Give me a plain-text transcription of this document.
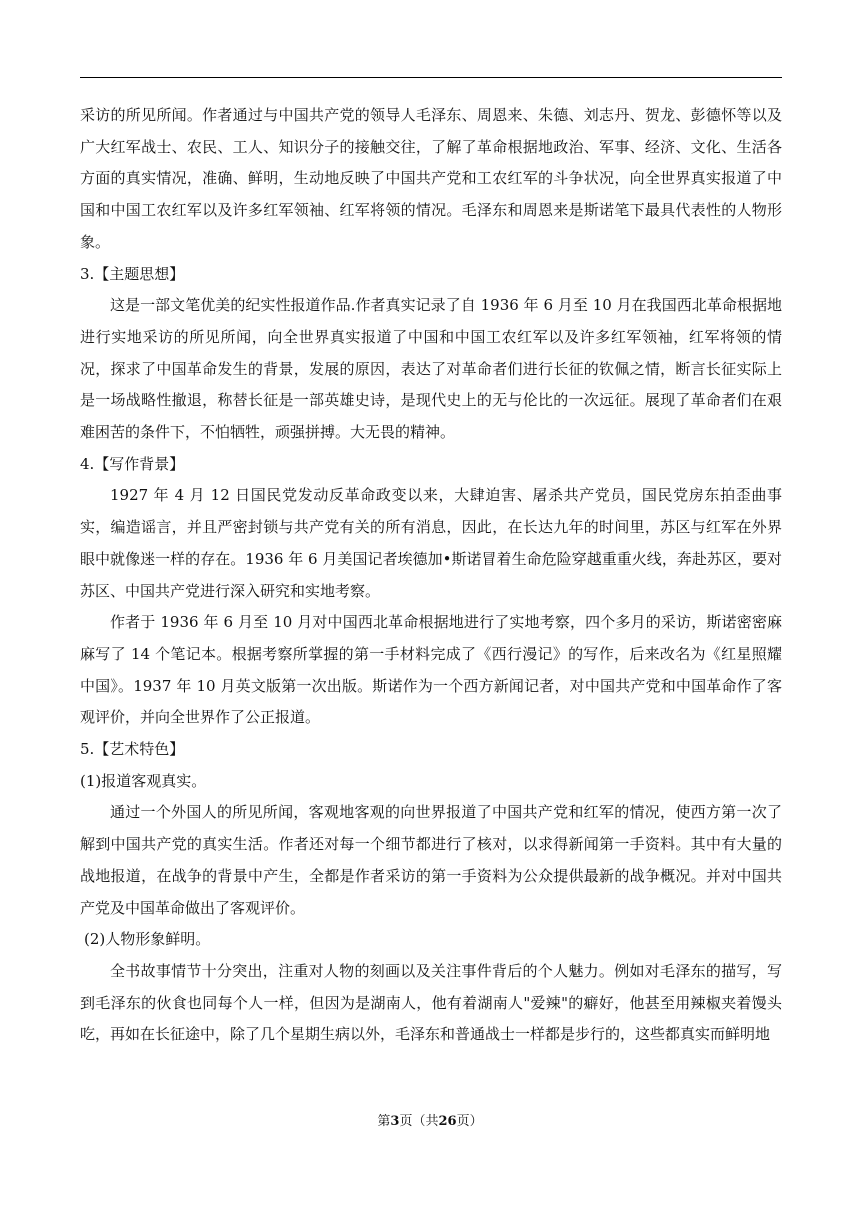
采访的所见所闻。作者通过与中国共产党的领导人毛泽东、周恩来、朱德、刘志丹、贺龙、彭德怀等以及广大红军战士、农民、工人、知识分子的接触交往，了解了革命根据地政治、军事、经济、文化、生活各方面的真实情况，准确、鲜明，生动地反映了中国共产党和工农红军的斗争状况，向全世界真实报道了中国和中国工农红军以及许多红军领袖、红军将领的情况。毛泽东和周恩来是斯诺笔下最具代表性的人物形象。

3.【主题思想】

这是一部文笔优美的纪实性报道作品.作者真实记录了自 1936 年 6 月至 10 月在我国西北革命根据地进行实地采访的所见所闻，向全世界真实报道了中国和中国工农红军以及许多红军领袖，红军将领的情况，探求了中国革命发生的背景，发展的原因，表达了对革命者们进行长征的钦佩之情，断言长征实际上是一场战略性撤退，称替长征是一部英雄史诗，是现代史上的无与伦比的一次远征。展现了革命者们在艰难困苦的条件下，不怕牺牲，顽强拼搏。大无畏的精神。

4.【写作背景】

1927 年 4 月 12 日国民党发动反革命政变以来，大肆迫害、屠杀共产党员，国民党房东拍歪曲事实，编造谣言，并且严密封锁与共产党有关的所有消息，因此，在长达九年的时间里，苏区与红军在外界眼中就像迷一样的存在。1936 年 6 月美国记者埃德加•斯诺冒着生命危险穿越重重火线，奔赴苏区，要对苏区、中国共产党进行深入研究和实地考察。

作者于 1936 年 6 月至 10 月对中国西北革命根据地进行了实地考察，四个多月的采访，斯诺密密麻麻写了 14 个笔记本。根据考察所掌握的第一手材料完成了《西行漫记》的写作，后来改名为《红星照耀中国》。1937 年 10 月英文版第一次出版。斯诺作为一个西方新闻记者，对中国共产党和中国革命作了客观评价，并向全世界作了公正报道。

5.【艺术特色】

(1)报道客观真实。

通过一个外国人的所见所闻，客观地客观的向世界报道了中国共产党和红军的情况，使西方第一次了解到中国共产党的真实生活。作者还对每一个细节都进行了核对，以求得新闻第一手资料。其中有大量的战地报道，在战争的背景中产生，全都是作者采访的第一手资料为公众提供最新的战争概况。并对中国共产党及中国革命做出了客观评价。

(2)人物形象鲜明。

全书故事情节十分突出，注重对人物的刻画以及关注事件背后的个人魅力。例如对毛泽东的描写，写到毛泽东的伙食也同每个人一样，但因为是湖南人，他有着湖南人"爱辣"的癖好，他甚至用辣椒夹着馒头吃，再如在长征途中，除了几个星期生病以外，毛泽东和普通战士一样都是步行的，这些都真实而鲜明地

第3页（共26页）
